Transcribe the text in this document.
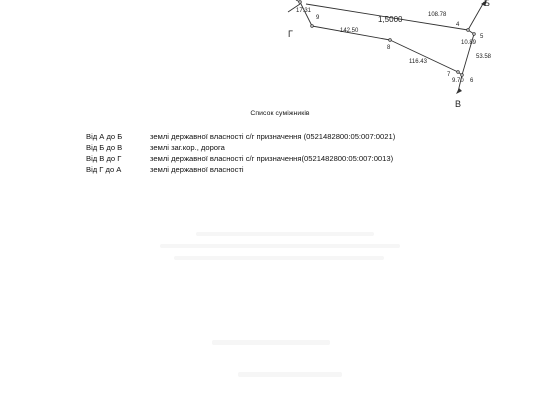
1,5000
17.31
142.50
108.78
10.89
53.58
116.43
9.70
4
5
6
7
8
9
Б
Г
В
Список суміжників
Від А до Б	землі державної власності с/г призначення (0521482800:05:007:0021)
Від Б до В	землі заг.кор., дорога
Від В до Г	землі державної власності с/г призначення(0521482800:05:007:0013)
Від Г до А	землі державної власності
